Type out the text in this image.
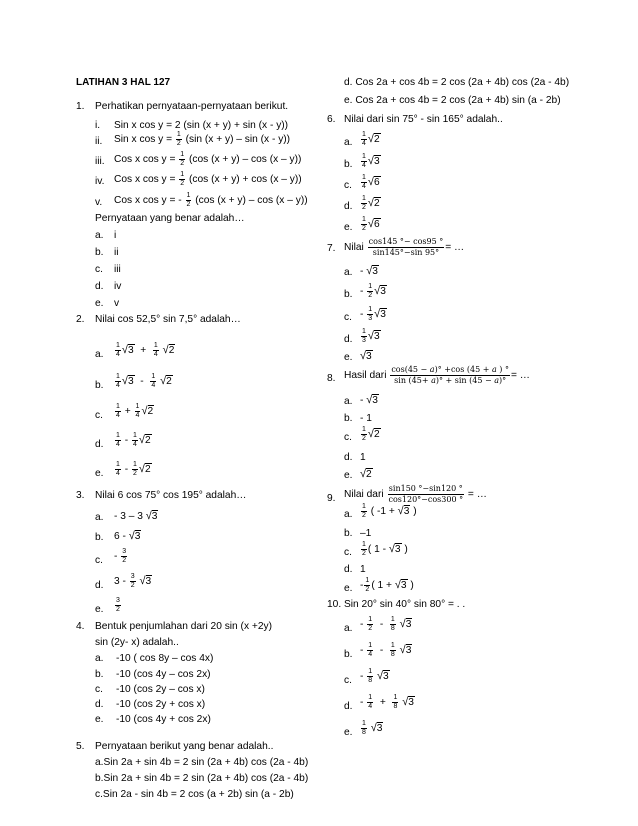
LATIHAN 3 HAL 127
1. Perhatikan pernyataan-pernyataan berikut.
i. Sin x cos y = 2 (sin (x + y) + sin (x - y))
ii. Sin x $\cos y = \frac{1}{2} (\sin$ (x + y) – sin (x - y))
iii. Cos x $\cos y = \frac{1}{2} (\cos$ (x + y) – cos (x – y))
iv. Cos x $\cos y = \frac{1}{2} (\cos$ (x + y) + cos (x – y))
v. Cos x cos y = - $\frac{1}{2} (\cos$ (x + y) – cos (x – y))
Pernyataan yang benar adalah…
a. i
b. ii
c. iii
d. iv
e. v
2. Nilai cos 52,5° sin 7,5° adalah…
a. $\frac{1}{4} √3 + \frac{1}{4} √2$
b. $\frac{1}{4} √3 - \frac{1}{4} √2$
c. $\frac{1}{4} + \frac{1}{4} √2$
d. $\frac{1}{4} - \frac{1}{4} √2$
e. $\frac{1}{4} - \frac{1}{2} √2$
3. Nilai 6 cos 75° cos 195° adalah…
a. - 3 – 3 √3
b. 6 - √3
c. - $\frac{3}{2}$
d. $3 - \frac{3}{2} √3$
e. $\frac{3}{2}$
4. Bentuk penjumlahan dari 20 sin (x +2y)
sin (2y- x) adalah..
a. -10 ( cos 8y – cos 4x)
b. -10 (cos 4y – cos 2x)
c. -10 (cos 2y – cos x)
d. -10 (cos 2y + cos x)
e. -10 (cos 4y + cos 2x)
5. Pernyataan berikut yang benar adalah..
a.Sin 2a + sin 4b = 2 sin (2a + 4b) cos (2a - 4b)
b.Sin 2a + sin 4b = 2 sin (2a + 4b) cos (2a - 4b)
c.Sin 2a - sin 4b = 2 cos (a + 2b) sin (a - 2b)
d. Cos 2a + cos 4b = 2 cos (2a + 4b) cos (2a - 4b)
e. Cos 2a + cos 4b = 2 cos (2a + 4b) sin (a - 2b)
6. Nilai dari sin 75° - sin 165° adalah..
a. $\frac{1}{4} √2$
b. $\frac{1}{4} √3$
c. $\frac{1}{4} √6$
d. $\frac{1}{2} √2$
e. $\frac{1}{2} √6$
7. Nilai $\frac{\cos 145 ^\circ- \cos 95 ^\circ}{\sin 145^\circ-\sin 95^\circ}$ = …
a. - √3
b. - $\frac{1}{2} √3$
c. - $\frac{1}{3} √3$
d. $\frac{1}{3} √3$
e. √3
8. Hasil dari $\frac{\text{cos(45 − 𝑎)° +cos (45 + 𝑎 ) °}}{\text{sin (45+ 𝑎)° + sin (45 − 𝑎)°}}$ = …
a. - √3
b. - 1
c. $\frac{1}{2} √2$
d. 1
e. √2
9. Nilai dari $\frac{\sin 150 ^\circ-\sin 120 ^\circ}{\cos 120^\circ-\cos 300 ^\circ}$ = …
a. $\frac{1}{2}$ ( -1 + √3 )
b. –1
c. $\frac{1}{2}$ ( 1 - √3 )
d. 1
e. - $\frac{1}{2}$ ( 1 + √3 )
10. Sin 20° sin 40° sin 80° = . .
a. - $\frac{1}{2} - \frac{1}{8} √3$
b. - $\frac{1}{4} - \frac{1}{8} √3$
c. - $\frac{1}{8} √3$
d. - $\frac{1}{4} + \frac{1}{8} √3$
e. $\frac{1}{8} √3$
